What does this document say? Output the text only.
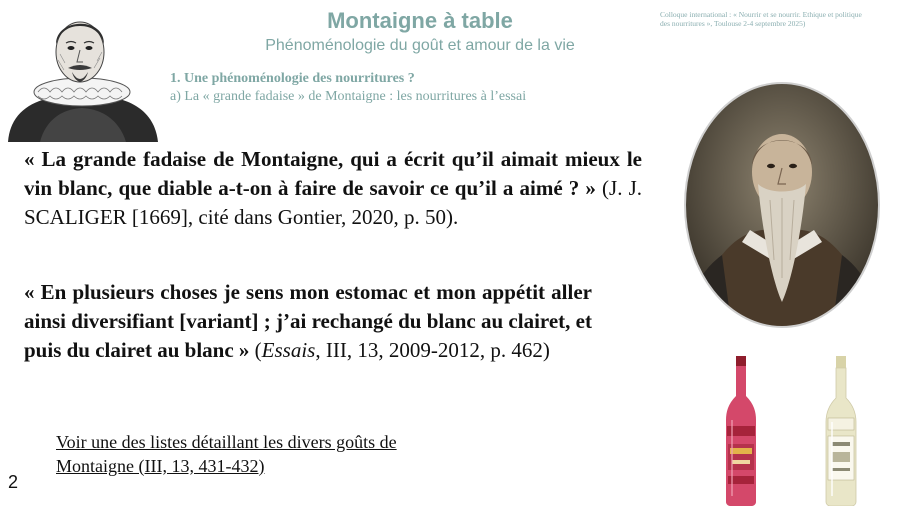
Montaigne à table
Phénoménologie du goût et amour de la vie
Colloque international : « Nourrir et se nourrir. Ethique et politique
des nourritures », Toulouse 2-4 septembre 2025)
1. Une phénoménologie des nourritures ?
a) La « grande fadaise » de Montaigne : les nourritures à l’essai
« La grande fadaise de Montaigne, qui a écrit qu’il aimait mieux le vin blanc, que diable a-t-on à faire de savoir ce qu’il a aimé ? » (J. J. SCALIGER [1669], cité dans Gontier, 2020, p. 50).
« En plusieurs choses je sens mon estomac et mon appétit aller ainsi diversifiant [variant] ; j’ai rechangé du blanc au clairet, et puis du clairet au blanc » (Essais, III, 13, 2009-2012, p. 462)
Voir une des listes détaillant les divers goûts de
Montaigne (III, 13, 431-432)
2
